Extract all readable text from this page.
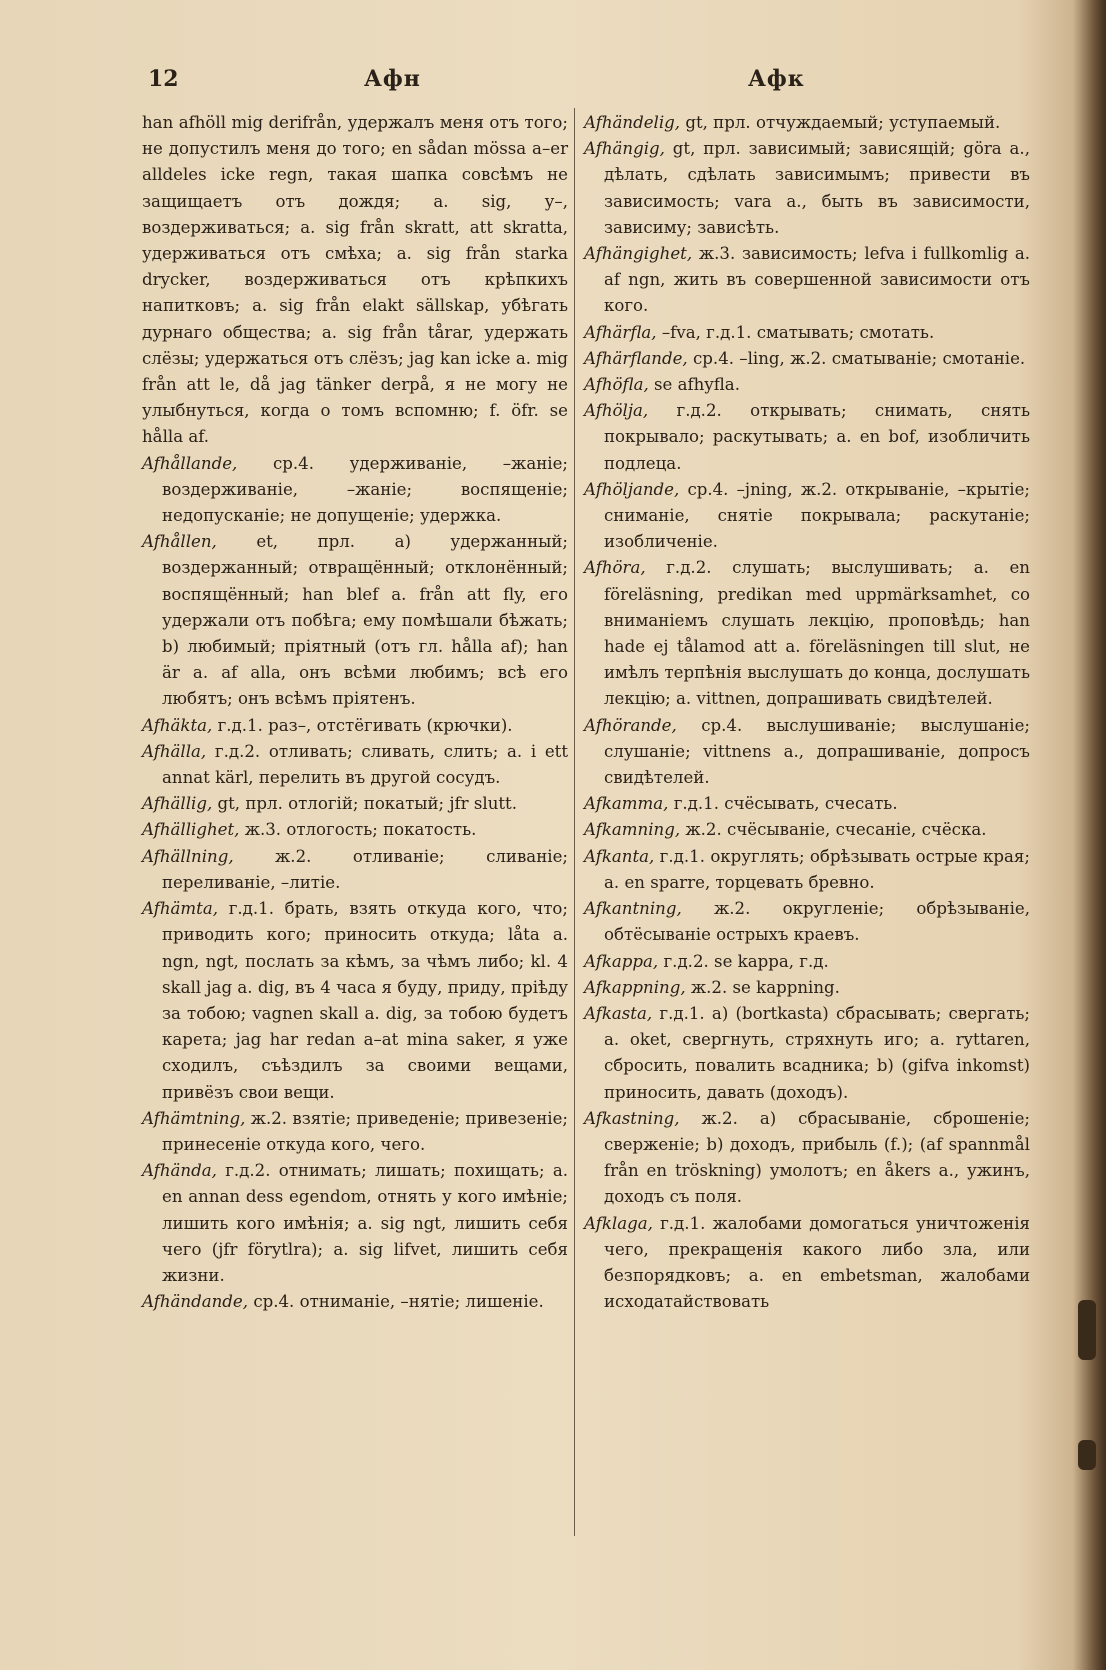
12	Афн	Афк

han afhöll mig derifrån, удержалъ меня отъ того; не допустилъ меня до того; en sådan mössa a–er alldeles icke regn, такая шапка совсѣмъ не защищаетъ отъ дождя; a. sig, у–, воздерживаться; a. sig från skratt, att skratta, удерживаться отъ смѣха; a. sig från starka drycker, воздерживаться отъ крѣпкихъ напитковъ; a. sig från elakt sällskap, убѣгать дурнаго общества; a. sig från tårar, удержать слёзы; удержаться отъ слёзъ; jag kan icke a. mig från att le, då jag tänker derpå, я не могу не улыбнуться, когда о томъ вспомню; f. öfr. se hålla af.

Afhållande, ср.4. удерживаніе, –жаніе; воздерживаніе, –жаніе; воспященіе; недопусканіе; не допущеніе; удержка.

Afhållen, et, прл. a) удержанный; воздержанный; отвращённый; отклонённый; воспящённый; han blef a. från att fly, его удержали отъ побѣга; ему помѣшали бѣжать; b) любимый; пріятный (отъ гл. hålla af); han är a. af alla, онъ всѣми любимъ; всѣ его любятъ; онъ всѣмъ пріятенъ.

Afhäkta, г.д.1. раз–, отстёгивать (крючки).

Afhälla, г.д.2. отливать; сливать, слить; a. i ett annat kärl, перелить въ другой сосудъ.

Afhällig, gt, прл. отлогій; покатый; jfr slutt.

Afhällighet, ж.3. отлогость; покатость.

Afhällning, ж.2. отливаніе; сливаніе; переливаніе, –литіе.

Afhämta, г.д.1. брать, взять откуда кого, что; приводить кого; приносить откуда; låta a. ngn, ngt, послать за кѣмъ, за чѣмъ либо; kl. 4 skall jag a. dig, въ 4 часа я буду, приду, пріѣду за тобою; vagnen skall a. dig, за тобою будетъ карета; jag har redan a–at mina saker, я уже сходилъ, съѣздилъ за своими вещами, привёзъ свои вещи.

Afhämtning, ж.2. взятіе; приведеніе; привезеніе; принесеніе откуда кого, чего.

Afhända, г.д.2. отнимать; лишать; похищать; a. en annan dess egendom, отнять у кого имѣніе; лишить кого имѣнія; a. sig ngt, лишить себя чего (jfr förytlra); a. sig lifvet, лишить себя жизни.

Afhändande, ср.4. отниманіе, –нятіе; лишеніе.

Afhändelig, gt, прл. отчуждаемый; уступаемый.

Afhängig, gt, прл. зависимый; зависящій; göra a., дѣлать, сдѣлать зависимымъ; привести въ зависимость; vara a., быть въ зависимости, зависиму; зависѣть.

Afhängighet, ж.3. зависимость; lefva i fullkomlig a. af ngn, жить въ совершенной зависимости отъ кого.

Afhärfla, –fva, г.д.1. сматывать; смотать.

Afhärflande, ср.4. –ling, ж.2. сматываніе; смотаніе.

Afhöfla, se afhyfla.

Afhölja, г.д.2. открывать; снимать, снять покрывало; раскутывать; a. en bof, изобличить подлеца.

Afhöljande, ср.4. –jning, ж.2. открываніе, –крытіе; сниманіе, снятіе покрывала; раскутаніе; изобличеніе.

Afhöra, г.д.2. слушать; выслушивать; a. en föreläsning, predikan med uppmärksamhet, со вниманіемъ слушать лекцію, проповѣдь; han hade ej tålamod att a. föreläsningen till slut, не имѣлъ терпѣнія выслушать до конца, дослушать лекцію; a. vittnen, допрашивать свидѣтелей.

Afhörande, ср.4. выслушиваніе; выслушаніе; слушаніе; vittnens a., допрашиваніе, допросъ свидѣтелей.

Afkamma, г.д.1. счёсывать, счесать.

Afkamning, ж.2. счёсываніе, счесаніе, счёска.

Afkanta, г.д.1. округлять; обрѣзывать острые края; a. en sparre, торцевать бревно.

Afkantning, ж.2. округленіе; обрѣзываніе, обтёсываніе острыхъ краевъ.

Afkappa, г.д.2. se kappa, г.д.

Afkappning, ж.2. se kappning.

Afkasta, г.д.1. a) (bortkasta) сбрасывать; свергать; a. oket, свергнуть, стряхнуть иго; a. ryttaren, сбросить, повалить всадника; b) (gifva inkomst) приносить, давать (доходъ).

Afkastning, ж.2. a) сбрасываніе, сброшеніе; сверженіе; b) доходъ, прибыль (f.); (af spannmål från en tröskning) умолотъ; en åkers a., ужинъ, доходъ съ поля.

Afklaga, г.д.1. жалобами домогаться уничтоженія чего, прекращенія какого либо зла, или безпорядковъ; a. en embetsman, жалобами исходатайствовать
